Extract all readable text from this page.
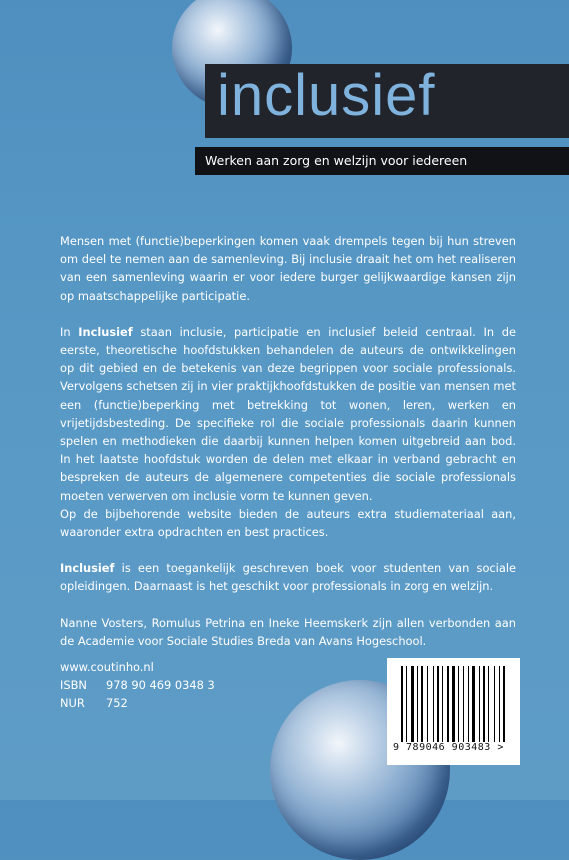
inclusief
Werken aan zorg en welzijn voor iedereen

Mensen met (functie)beperkingen komen vaak drempels tegen bij hun streven om deel te nemen aan de samenleving. Bij inclusie draait het om het realiseren van een samenleving waarin er voor iedere burger gelijkwaardige kansen zijn op maatschappelijke participatie.

In Inclusief staan inclusie, participatie en inclusief beleid centraal. In de eerste, theoretische hoofdstukken behandelen de auteurs de ontwikkelingen op dit gebied en de betekenis van deze begrippen voor sociale professionals. Vervolgens schetsen zij in vier praktijkhoofdstukken de positie van mensen met een (functie)beperking met betrekking tot wonen, leren, werken en vrijetijdsbesteding. De specifieke rol die sociale professionals daarin kunnen spelen en methodieken die daarbij kunnen helpen komen uitgebreid aan bod. In het laatste hoofdstuk worden de delen met elkaar in verband gebracht en bespreken de auteurs de algemenere competenties die sociale professionals moeten verwerven om inclusie vorm te kunnen geven.

Op de bijbehorende website bieden de auteurs extra studiemateriaal aan, waaronder extra opdrachten en best practices.

Inclusief is een toegankelijk geschreven boek voor studenten van sociale opleidingen. Daarnaast is het geschikt voor professionals in zorg en welzijn.

Nanne Vosters, Romulus Petrina en Ineke Heemskerk zijn allen verbonden aan de Academie voor Sociale Studies Breda van Avans Hogeschool.

www.coutinho.nl
ISBN 978 90 469 0348 3
NUR 752
9 789046 903483 >
